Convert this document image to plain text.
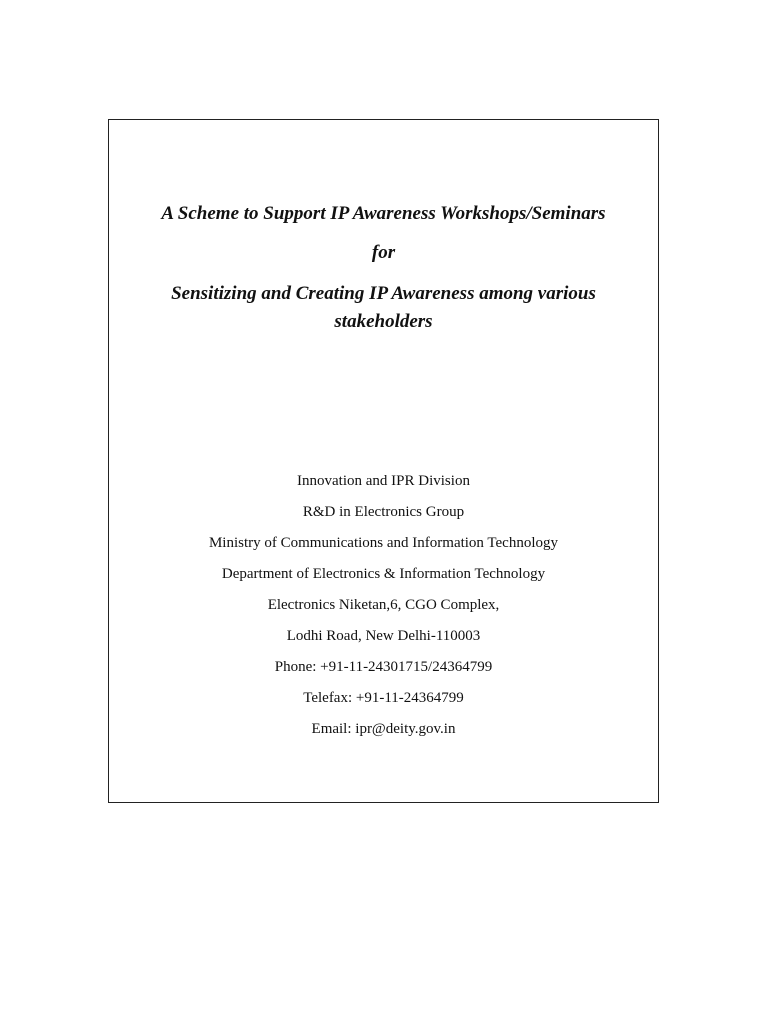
A Scheme to Support IP Awareness Workshops/Seminars
for
Sensitizing and Creating IP Awareness among various
stakeholders
Innovation and IPR Division
R&D in Electronics Group
Ministry of Communications and Information Technology
Department of Electronics & Information Technology
Electronics Niketan,6, CGO Complex,
Lodhi Road, New Delhi-110003
Phone: +91-11-24301715/24364799
Telefax: +91-11-24364799
Email: ipr@deity.gov.in
